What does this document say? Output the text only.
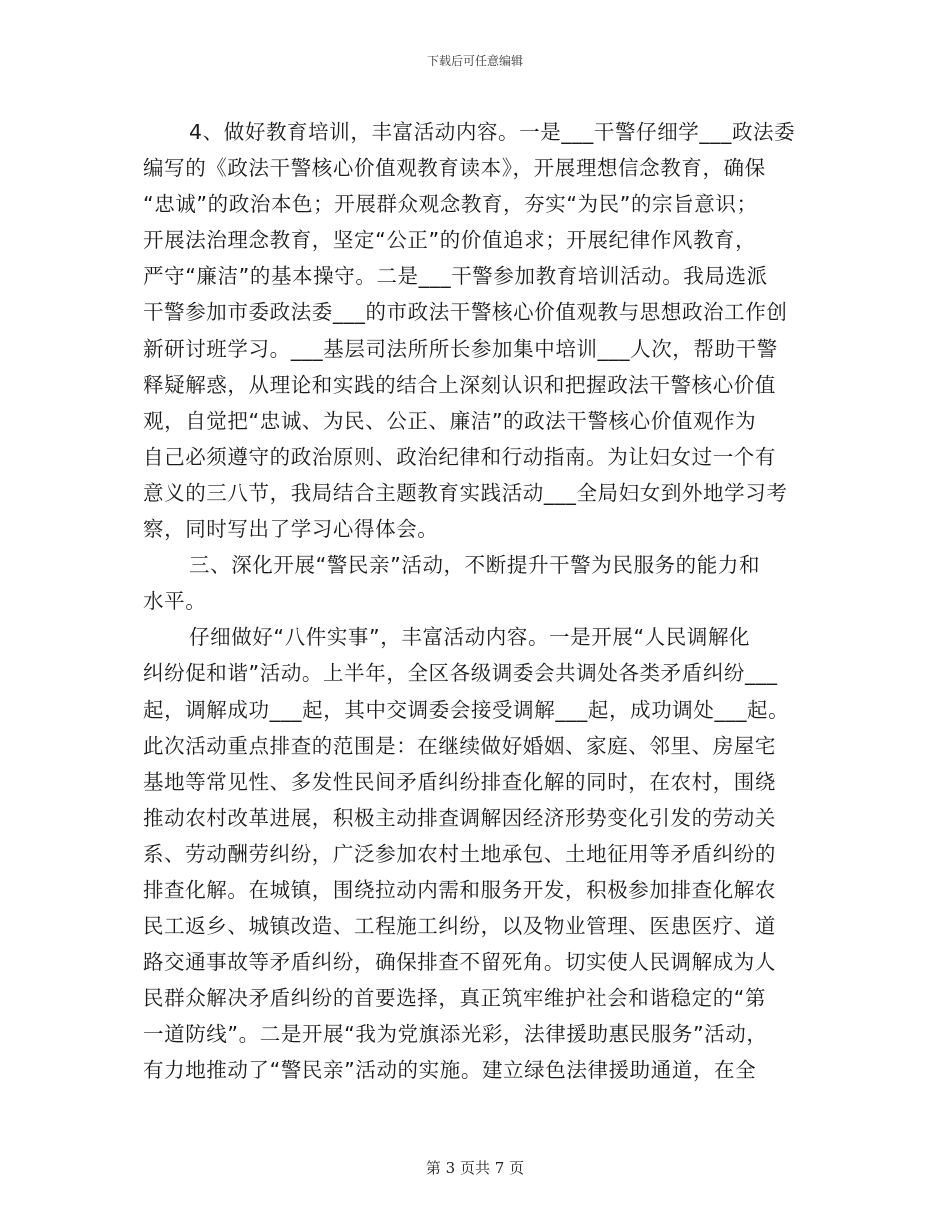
下载后可任意编辑
4、做好教育培训，丰富活动内容。一是___干警仔细学___政法委
编写的《政法干警核心价值观教育读本》，开展理想信念教育，确保
“忠诚”的政治本色；开展群众观念教育，夯实“为民”的宗旨意识；
开展法治理念教育，坚定“公正”的价值追求；开展纪律作风教育，
严守“廉洁”的基本操守。二是___干警参加教育培训活动。我局选派
干警参加市委政法委___的市政法干警核心价值观教与思想政治工作创
新研讨班学习。___基层司法所所长参加集中培训___人次，帮助干警
释疑解惑，从理论和实践的结合上深刻认识和把握政法干警核心价值
观，自觉把“忠诚、为民、公正、廉洁”的政法干警核心价值观作为
自己必须遵守的政治原则、政治纪律和行动指南。为让妇女过一个有
意义的三八节，我局结合主题教育实践活动___全局妇女到外地学习考
察，同时写出了学习心得体会。
三、深化开展“警民亲”活动，不断提升干警为民服务的能力和
水平。
仔细做好“八件实事”，丰富活动内容。一是开展“人民调解化
纠纷促和谐”活动。上半年，全区各级调委会共调处各类矛盾纠纷___
起，调解成功___起，其中交调委会接受调解___起，成功调处___起。
此次活动重点排查的范围是：在继续做好婚姻、家庭、邻里、房屋宅
基地等常见性、多发性民间矛盾纠纷排查化解的同时，在农村，围绕
推动农村改革进展，积极主动排查调解因经济形势变化引发的劳动关
系、劳动酬劳纠纷，广泛参加农村土地承包、土地征用等矛盾纠纷的
排查化解。在城镇，围绕拉动内需和服务开发，积极参加排查化解农
民工返乡、城镇改造、工程施工纠纷，以及物业管理、医患医疗、道
路交通事故等矛盾纠纷，确保排查不留死角。切实使人民调解成为人
民群众解决矛盾纠纷的首要选择，真正筑牢维护社会和谐稳定的“第
一道防线”。二是开展“我为党旗添光彩，法律援助惠民服务”活动，
有力地推动了“警民亲”活动的实施。建立绿色法律援助通道，在全
第 3 页共 7 页
